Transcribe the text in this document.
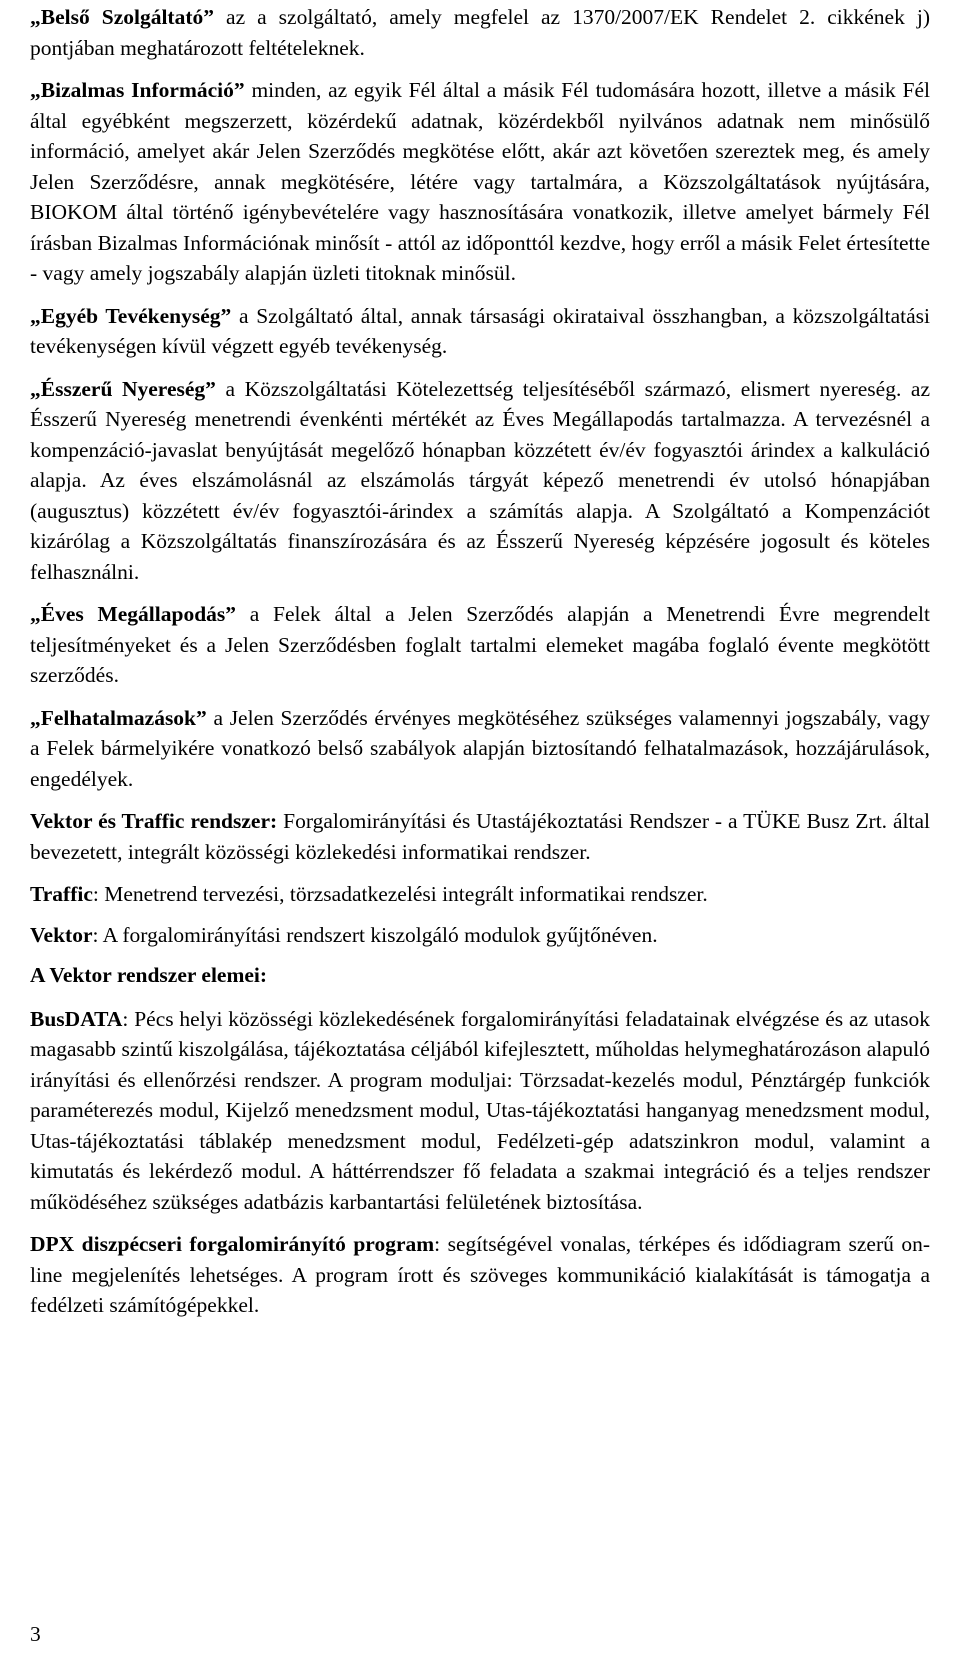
„Belső Szolgáltató” az a szolgáltató, amely megfelel az 1370/2007/EK Rendelet 2. cikkének j) pontjában meghatározott feltételeknek.

„Bizalmas Információ” minden, az egyik Fél által a másik Fél tudomására hozott, illetve a másik Fél által egyébként megszerzett, közérdekű adatnak, közérdekből nyilvános adatnak nem minősülő információ, amelyet akár Jelen Szerződés megkötése előtt, akár azt követően szereztek meg, és amely Jelen Szerződésre, annak megkötésére, létére vagy tartalmára, a Közszolgáltatások nyújtására, BIOKOM által történő igénybevételére vagy hasznosítására vonatkozik, illetve amelyet bármely Fél írásban Bizalmas Információnak minősít - attól az időponttól kezdve, hogy erről a másik Felet értesítette - vagy amely jogszabály alapján üzleti titoknak minősül.

„Egyéb Tevékenység” a Szolgáltató által, annak társasági okirataival összhangban, a közszolgáltatási tevékenységen kívül végzett egyéb tevékenység.

„Ésszerű Nyereség” a Közszolgáltatási Kötelezettség teljesítéséből származó, elismert nyereség. az Ésszerű Nyereség menetrendi évenkénti mértékét az Éves Megállapodás tartalmazza. A tervezésnél a kompenzáció-javaslat benyújtását megelőző hónapban közzétett év/év fogyasztói árindex a kalkuláció alapja. Az éves elszámolásnál az elszámolás tárgyát képező menetrendi év utolsó hónapjában (augusztus) közzétett év/év fogyasztói-árindex a számítás alapja. A Szolgáltató a Kompenzációt kizárólag a Közszolgáltatás finanszírozására és az Ésszerű Nyereség képzésére jogosult és köteles felhasználni.

„Éves Megállapodás” a Felek által a Jelen Szerződés alapján a Menetrendi Évre megrendelt teljesítményeket és a Jelen Szerződésben foglalt tartalmi elemeket magába foglaló évente megkötött szerződés.

„Felhatalmazások” a Jelen Szerződés érvényes megkötéséhez szükséges valamennyi jogszabály, vagy a Felek bármelyikére vonatkozó belső szabályok alapján biztosítandó felhatalmazások, hozzájárulások, engedélyek.

Vektor és Traffic rendszer: Forgalomirányítási és Utastájékoztatási Rendszer - a TÜKE Busz Zrt. által bevezetett, integrált közösségi közlekedési informatikai rendszer.

Traffic: Menetrend tervezési, törzsadatkezelési integrált informatikai rendszer.

Vektor: A forgalomirányítási rendszert kiszolgáló modulok gyűjtőnéven.

A Vektor rendszer elemei:

BusDATA: Pécs helyi közösségi közlekedésének forgalomirányítási feladatainak elvégzése és az utasok magasabb szintű kiszolgálása, tájékoztatása céljából kifejlesztett, műholdas helymeghatározáson alapuló irányítási és ellenőrzési rendszer. A program moduljai: Törzsadat-kezelés modul, Pénztárgép funkciók paraméterezés modul, Kijelző menedzsment modul, Utas-tájékoztatási hanganyag menedzsment modul, Utas-tájékoztatási táblakép menedzsment modul, Fedélzeti-gép adatszinkron modul, valamint a kimutatás és lekérdező modul. A háttérrendszer fő feladata a szakmai integráció és a teljes rendszer működéséhez szükséges adatbázis karbantartási felületének biztosítása.

DPX diszpécseri forgalomirányító program: segítségével vonalas, térképes és idődiagram szerű on-line megjelenítés lehetséges. A program írott és szöveges kommunikáció kialakítását is támogatja a fedélzeti számítógépekkel.

3
